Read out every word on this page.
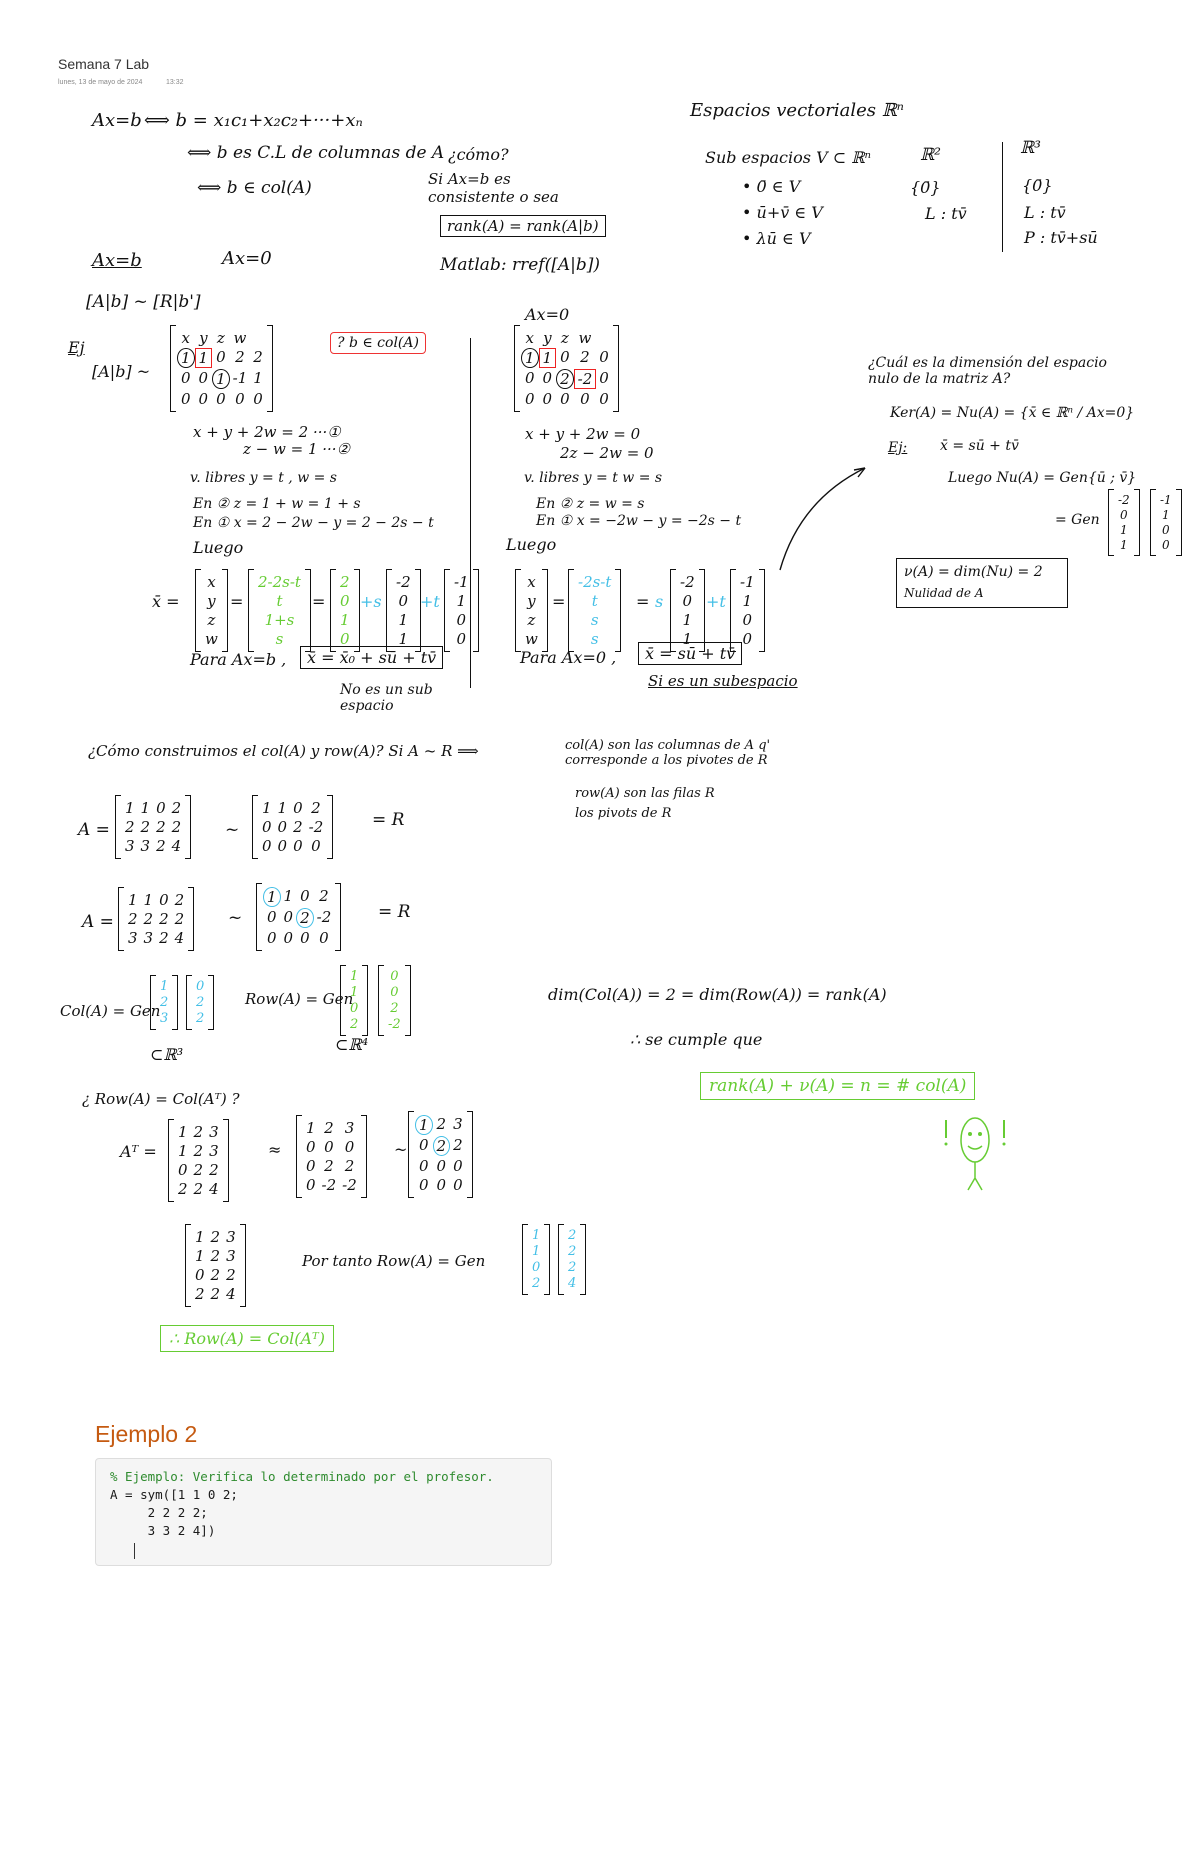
Semana 7 Lab
lunes, 13 de mayo de 2024	13:32
Ax=b ⟺ b = x₁c₁+x₂c₂+···+xₙ
⟺ b es C.L de columnas de A
⟺ b ∈ col(A)
¿cómo?
Si Ax=b es consistente o sea
rank(A) = rank(A|b)
Matlab: rref([A|b])
Espacios vectoriales ℝⁿ
Sub espacios V ⊂ ℝⁿ
• 0̄ ∈ V
• ū+v̄ ∈ V
• λū ∈ V
ℝ²
{0̄}
L : tv̄
ℝ³
{0̄}
L : tv̄
P : tv̄+sū
Ax=b	Ax=0
[A|b] ~ [R|b']
Ej
[A|b] ~
x y z w
1 1 0 2 2
0 0 1 -1 1
0 0 0 0 0
? b ∈ col(A)
x + y + 2w = 2 ···①
z − w = 1 ···②
v. libres y = t , w = s
En ② z = 1 + w = 1 + s
En ① x = 2 − 2w − y = 2 − 2s − t
Luego
x̄ =
x
y
z
w
=
2-2s-t
t
1+s
s
=
2
0
1
0
+s
-2
0
1
1
+t
-1
1
0
0
Para Ax=b ,	x̄ = x̄₀ + sū + tv̄
No es un sub espacio
Ax=0
x y z w
1 1 0 2 0
0 0 2 -2 0
0 0 0 0 0
x + y + 2w = 0
2z − 2w = 0
v. libres y = t w = s
En ② z = w = s
En ① x = −2w − y = −2s − t
Luego
x
y
z
w
=
-2s-t
t
s
s
= s
-2
0
1
1
+t
-1
1
0
0
Para Ax=0 ,	x̄ = sū + tv̄
Si es un subespacio
¿Cuál es la dimensión del espacio nulo de la matriz A?
Ker(A) = Nu(A) = {x̄ ∈ ℝⁿ / Ax=0}
Ej: x̄ = sū + tv̄
Luego Nu(A) = Gen{ū ; v̄}
= Gen
-2
0
1
1
-1
1
0
0
ν(A) = dim(Nu) = 2
Nulidad de A
¿Cómo construimos el col(A) y row(A)? Si A ~ R ⟹	col(A) son las columnas de A q' corresponde a los pivotes de R
row(A) son las filas R
los pivots de R
A =
1 1 0 2
2 2 2 2
3 3 2 4
~
1 1 0 2
0 0 2 -2
0 0 0 0
= R
A =
1 1 0 2
2 2 2 2
3 3 2 4
~
1 1 0 2
0 0 2 -2
0 0 0 0
= R
Col(A) = Gen
1
2
3
0
2
2
Row(A) = Gen
1
1
0
2
0
0
2
-2
⊂ℝ³
⊂ℝ⁴
dim(Col(A)) = 2 = dim(Row(A)) = rank(A)
∴ se cumple que
rank(A) + ν(A) = n = # col(A)
¿ Row(A) = Col(Aᵀ) ?
Aᵀ =
1 2 3
1 2 3
0 2 2
2 2 4
≈
1 2 3
0 0 0
0 2 2
0 -2 -2
~
1 2 3
0 2 2
0 0 0
0 0 0
1 2 3
1 2 3
0 2 2
2 2 4
Por tanto Row(A) = Gen
1
1
0
2
2
2
2
4
∴ Row(A) = Col(Aᵀ)
Ejemplo 2
% Ejemplo: Verifica lo determinado por el profesor.
A = sym([1 1 0 2;
2 2 2 2;
3 3 2 4])
